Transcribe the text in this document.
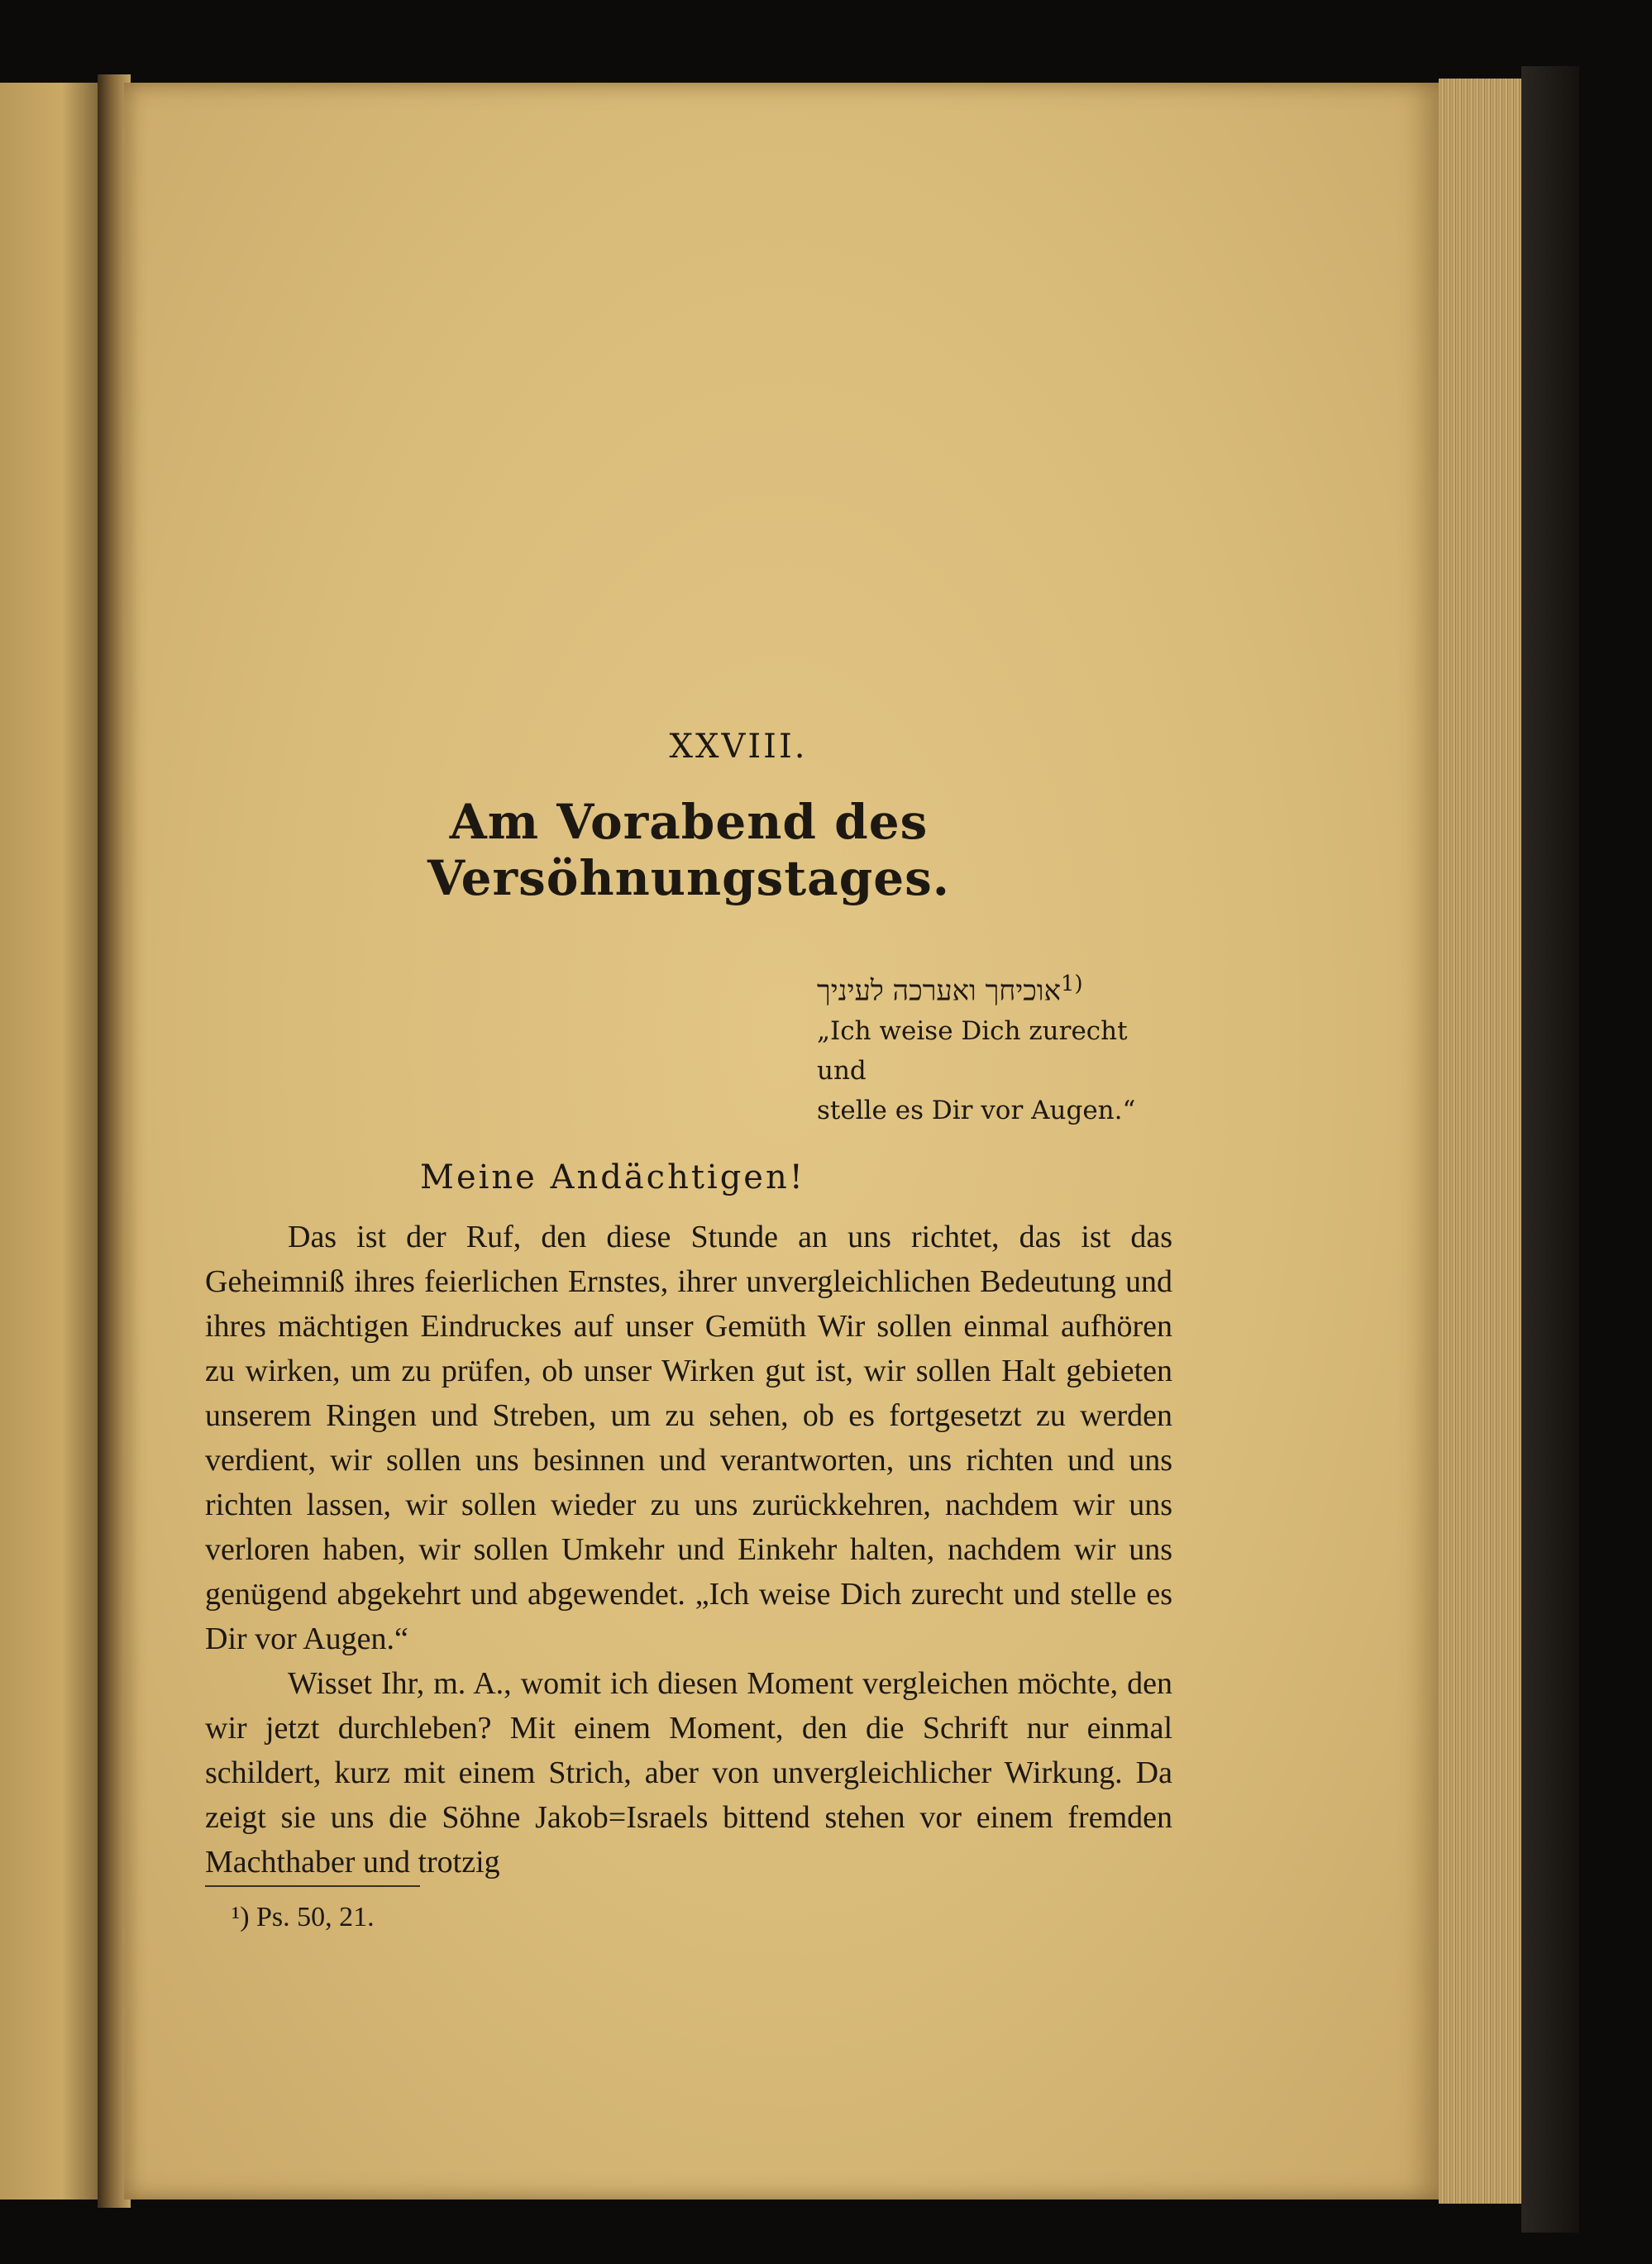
XXVIII.
Am Vorabend des Versöhnungstages.
אוכיחך ואערכה לעיניך$^{1)}$
„Ich weise Dich zurecht und
stelle es Dir vor Augen.“
Meine Andächtigen!

Das ist der Ruf, den diese Stunde an uns richtet, das ist das Geheimniß ihres feierlichen Ernstes, ihrer unvergleichlichen Bedeutung und ihres mächtigen Eindruckes auf unser Gemüth Wir sollen einmal aufhören zu wirken, um zu prüfen, ob unser Wirken gut ist, wir sollen Halt gebieten unserem Ringen und Streben, um zu sehen, ob es fortgesetzt zu werden verdient, wir sollen uns besinnen und verantworten, uns richten und uns richten lassen, wir sollen wieder zu uns zurückkehren, nachdem wir uns verloren haben, wir sollen Umkehr und Einkehr halten, nachdem wir uns genügend abgekehrt und abgewendet. „Ich weise Dich zurecht und stelle es Dir vor Augen.“

Wisset Ihr, m. A., womit ich diesen Moment vergleichen möchte, den wir jetzt durchleben? Mit einem Moment, den die Schrift nur einmal schildert, kurz mit einem Strich, aber von unvergleichlicher Wirkung. Da zeigt sie uns die Söhne Jakob=Israels bittend stehen vor einem fremden Machthaber und trotzig

¹) Ps. 50, 21.
